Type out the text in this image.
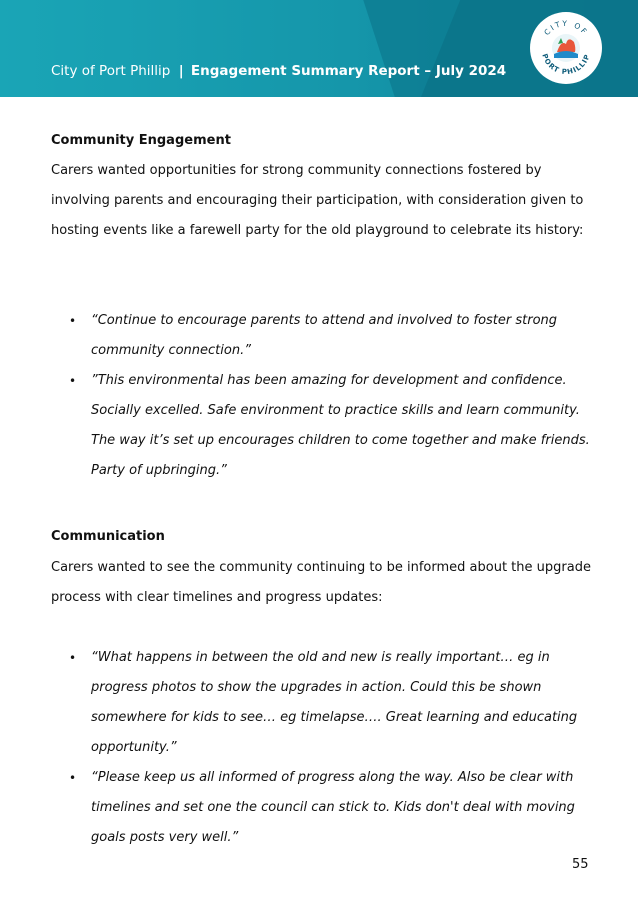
City of Port Phillip | Engagement Summary Report – July 2024
CITY OF
PORT PHILLIP
Community Engagement

Carers wanted opportunities for strong community connections fostered by involving parents and encouraging their participation, with consideration given to hosting events like a farewell party for the old playground to celebrate its history:

• “Continue to encourage parents to attend and involved to foster strong community connection.”
• ”This environmental has been amazing for development and confidence. Socially excelled. Safe environment to practice skills and learn community. The way it’s set up encourages children to come together and make friends. Party of upbringing.”
Communication

Carers wanted to see the community continuing to be informed about the upgrade process with clear timelines and progress updates:

• “What happens in between the old and new is really important… eg in progress photos to show the upgrades in action. Could this be shown somewhere for kids to see… eg timelapse…. Great learning and educating opportunity.”
• “Please keep us all informed of progress along the way. Also be clear with timelines and set one the council can stick to. Kids don't deal with moving goals posts very well.”
55
